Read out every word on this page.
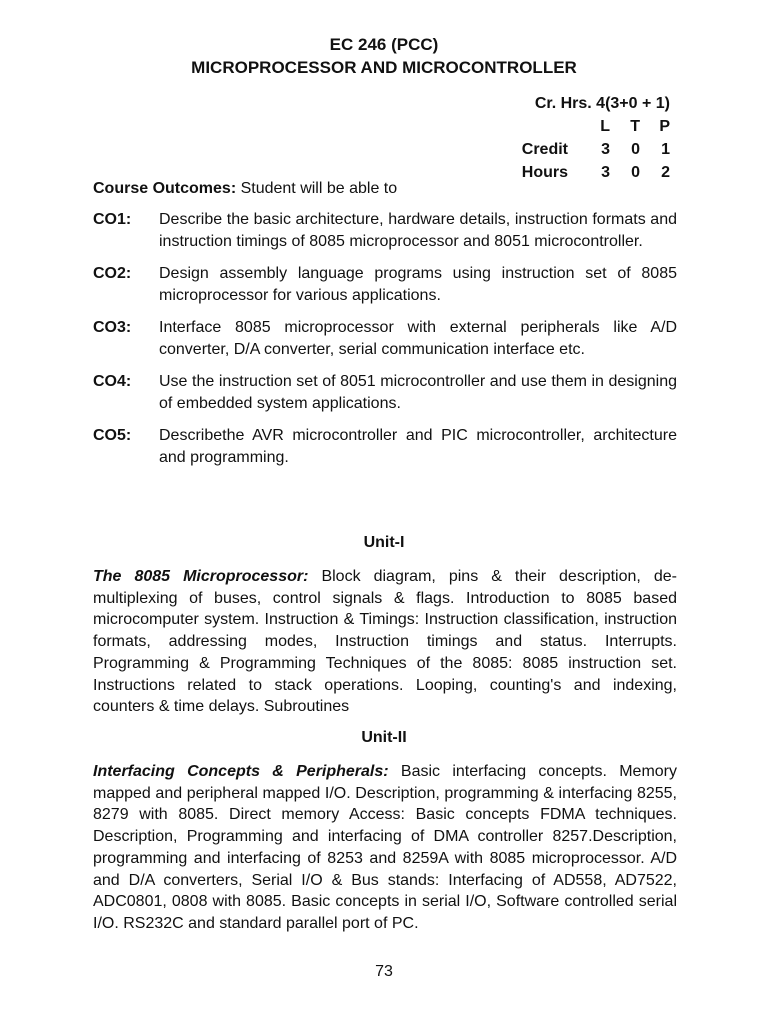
EC 246 (PCC)
MICROPROCESSOR AND MICROCONTROLLER
Cr. Hrs. 4(3+0 + 1)
L	T	P
Credit	3	0	1
Hours	3	0	2
Course Outcomes: Student will be able to
CO1:	Describe the basic architecture, hardware details, instruction formats and instruction timings of 8085 microprocessor and 8051 microcontroller.
CO2:	Design assembly language programs using instruction set of 8085 microprocessor for various applications.
CO3:	Interface 8085 microprocessor with external peripherals like A/D converter, D/A converter, serial communication interface etc.
CO4:	Use the instruction set of 8051 microcontroller and use them in designing of embedded system applications.
CO5:	Describethe AVR microcontroller and PIC microcontroller, architecture and programming.
Unit-I
The 8085 Microprocessor: Block diagram, pins & their description, de-multiplexing of buses, control signals & flags. Introduction to 8085 based microcomputer system. Instruction & Timings: Instruction classification, instruction formats, addressing modes, Instruction timings and status. Interrupts. Programming & Programming Techniques of the 8085: 8085 instruction set. Instructions related to stack operations. Looping, counting's and indexing, counters & time delays. Subroutines
Unit-II
Interfacing Concepts & Peripherals: Basic interfacing concepts. Memory mapped and peripheral mapped I/O. Description, programming & interfacing 8255, 8279 with 8085. Direct memory Access: Basic concepts FDMA techniques. Description, Programming and interfacing of DMA controller 8257.Description, programming and interfacing of 8253 and 8259A with 8085 microprocessor. A/D and D/A converters, Serial I/O & Bus stands: Interfacing of AD558, AD7522, ADC0801, 0808 with 8085. Basic concepts in serial I/O, Software controlled serial I/O. RS232C and standard parallel port of PC.
73
